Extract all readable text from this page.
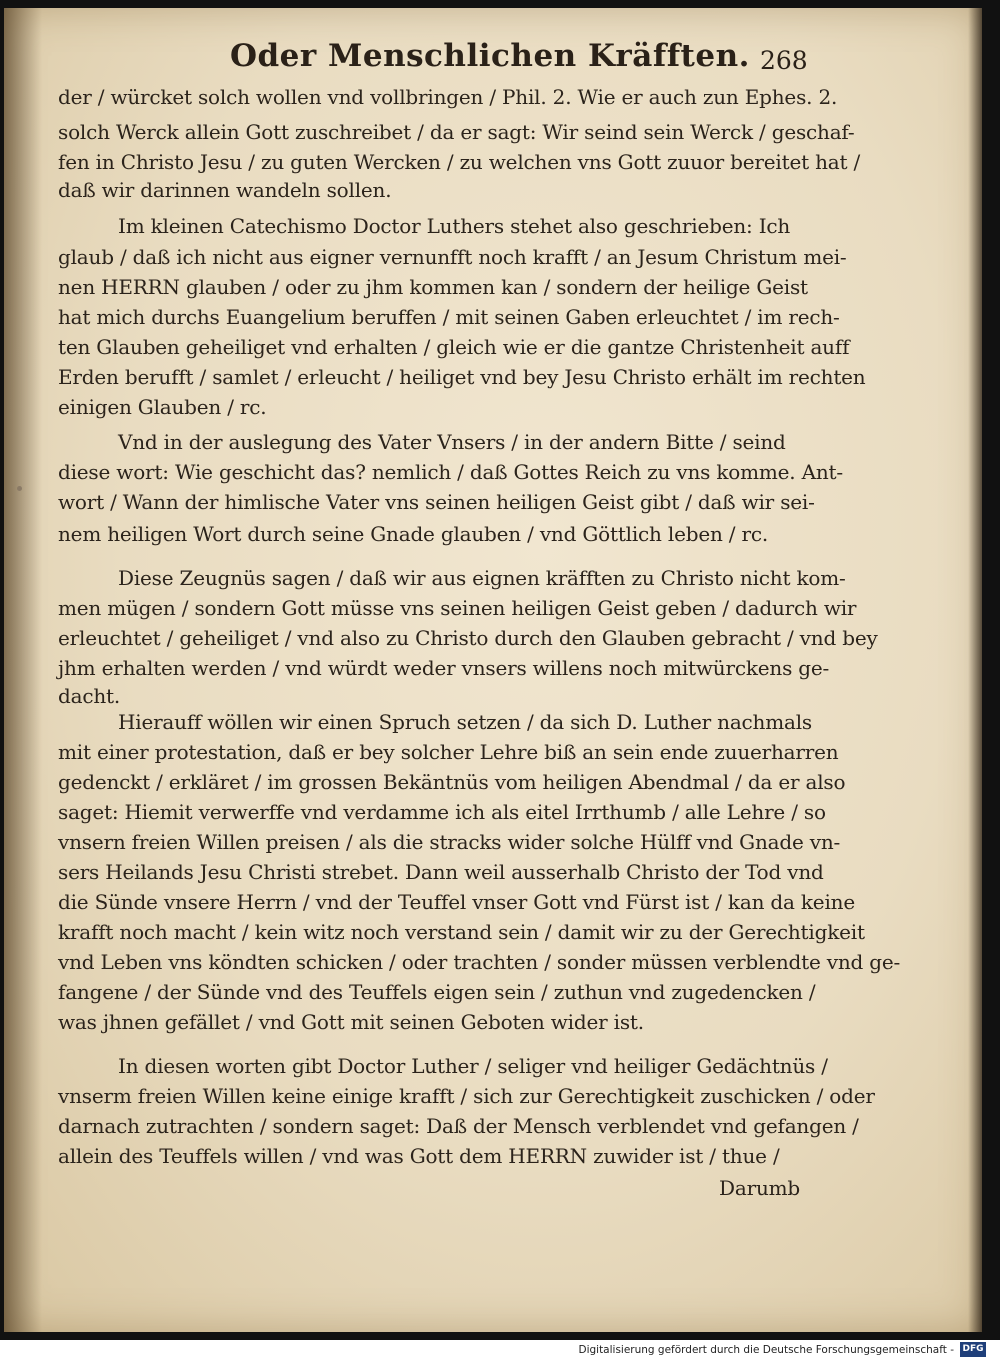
Oder Menschlichen Kräfften. 268
der / würcket solch wollen vnd vollbringen / Phil. 2. Wie er auch zun Ephes. 2.
solch Werck allein Gott zuschreibet / da er sagt: Wir seind sein Werck / geschaf-
fen in Christo Jesu / zu guten Wercken / zu welchen vns Gott zuuor bereitet hat /
daß wir darinnen wandeln sollen.
Im kleinen Catechismo Doctor Luthers stehet also geschrieben: Ich
glaub / daß ich nicht aus eigner vernunfft noch krafft / an Jesum Christum mei-
nen HERRN glauben / oder zu jhm kommen kan / sondern der heilige Geist
hat mich durchs Euangelium beruffen / mit seinen Gaben erleuchtet / im rech-
ten Glauben geheiliget vnd erhalten / gleich wie er die gantze Christenheit auff
Erden berufft / samlet / erleucht / heiliget vnd bey Jesu Christo erhält im rechten
einigen Glauben / rc.
Vnd in der auslegung des Vater Vnsers / in der andern Bitte / seind
diese wort: Wie geschicht das? nemlich / daß Gottes Reich zu vns komme. Ant-
wort / Wann der himlische Vater vns seinen heiligen Geist gibt / daß wir sei-
nem heiligen Wort durch seine Gnade glauben / vnd Göttlich leben / rc.
Diese Zeugnüs sagen / daß wir aus eignen kräfften zu Christo nicht kom-
men mügen / sondern Gott müsse vns seinen heiligen Geist geben / dadurch wir
erleuchtet / geheiliget / vnd also zu Christo durch den Glauben gebracht / vnd bey
jhm erhalten werden / vnd würdt weder vnsers willens noch mitwürckens ge-
dacht.
Hierauff wöllen wir einen Spruch setzen / da sich D. Luther nachmals
mit einer protestation, daß er bey solcher Lehre biß an sein ende zuuerharren
gedenckt / erkläret / im grossen Bekäntnüs vom heiligen Abendmal / da er also
saget: Hiemit verwerffe vnd verdamme ich als eitel Irrthumb / alle Lehre / so
vnsern freien Willen preisen / als die stracks wider solche Hülff vnd Gnade vn-
sers Heilands Jesu Christi strebet. Dann weil ausserhalb Christo der Tod vnd
die Sünde vnsere Herrn / vnd der Teuffel vnser Gott vnd Fürst ist / kan da keine
krafft noch macht / kein witz noch verstand sein / damit wir zu der Gerechtigkeit
vnd Leben vns köndten schicken / oder trachten / sonder müssen verblendte vnd ge-
fangene / der Sünde vnd des Teuffels eigen sein / zuthun vnd zugedencken /
was jhnen gefället / vnd Gott mit seinen Geboten wider ist.
In diesen worten gibt Doctor Luther / seliger vnd heiliger Gedächtnüs /
vnserm freien Willen keine einige krafft / sich zur Gerechtigkeit zuschicken / oder
darnach zutrachten / sondern saget: Daß der Mensch verblendet vnd gefangen /
allein des Teuffels willen / vnd was Gott dem HERRN zuwider ist / thue /
Darumb
Digitalisierung gefördert durch die Deutsche Forschungsgemeinschaft - DFG
